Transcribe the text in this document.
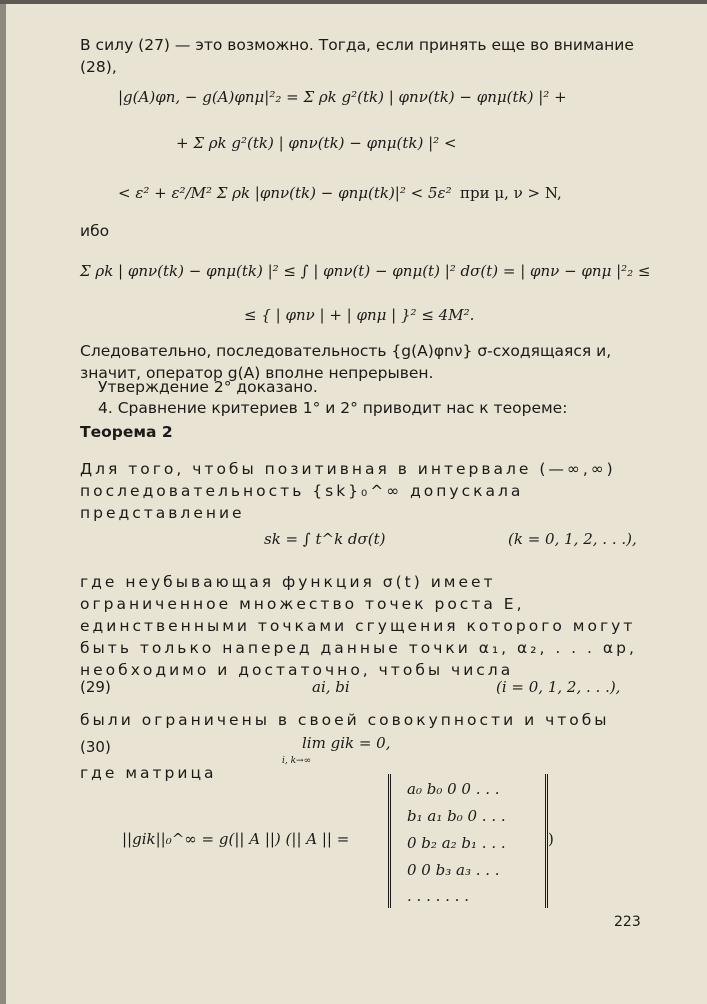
В силу (27) — это возможно. Тогда, если принять еще во внимание (28),

|g(A)φn, − g(A)φnμ|²₂ = Σ ρk g²(tk) | φnν(tk) − φnμ(tk) |² +
+ Σ ρk g²(tk) | φnν(tk) − φnμ(tk) |² <
< ε² + ε²/M² Σ ρk |φnν(tk) − φnμ(tk)|² < 5ε² при μ, ν > N,

ибо

Σ ρk | φnν(tk) − φnμ(tk) |² ≤ ∫ | φnν(t) − φnμ(t) |² dσ(t) = | φnν − φnμ |²₂ ≤
≤ { | φnν | + | φnμ | }² ≤ 4M².

Следовательно, последовательность {g(A)φnν} σ-сходящаяся и, значит, оператор g(A) вполне непрерывен.

Утверждение 2° доказано.

4. Сравнение критериев 1° и 2° приводит нас к теореме:

Теорема 2

Для того, чтобы позитивная в интервале (—∞,∞) последовательность {sk}₀^∞ допускала представление

sk = ∫ t^k dσ(t)	(k = 0, 1, 2, . . .),

где неубывающая функция σ(t) имеет ограниченное множество точек роста E, единственными точками сгущения которого могут быть только наперед данные точки α₁, α₂, . . . αp, необходимо и достаточно, чтобы числа

(29)	ai, bi	(i = 0, 1, 2, . . .),

были ограничены в своей совокупности и чтобы

(30)	lim gik = 0,
i, k→∞

где матрица

||gik||₀^∞ = g(|| A ||) (|| A || =
a₀ b₀ 0 0 . . .
b₁ a₁ b₀ 0 . . .
0 b₂ a₂ b₁ . . .
0 0 b₃ a₃ . . .
. . . . . . .
)
223
